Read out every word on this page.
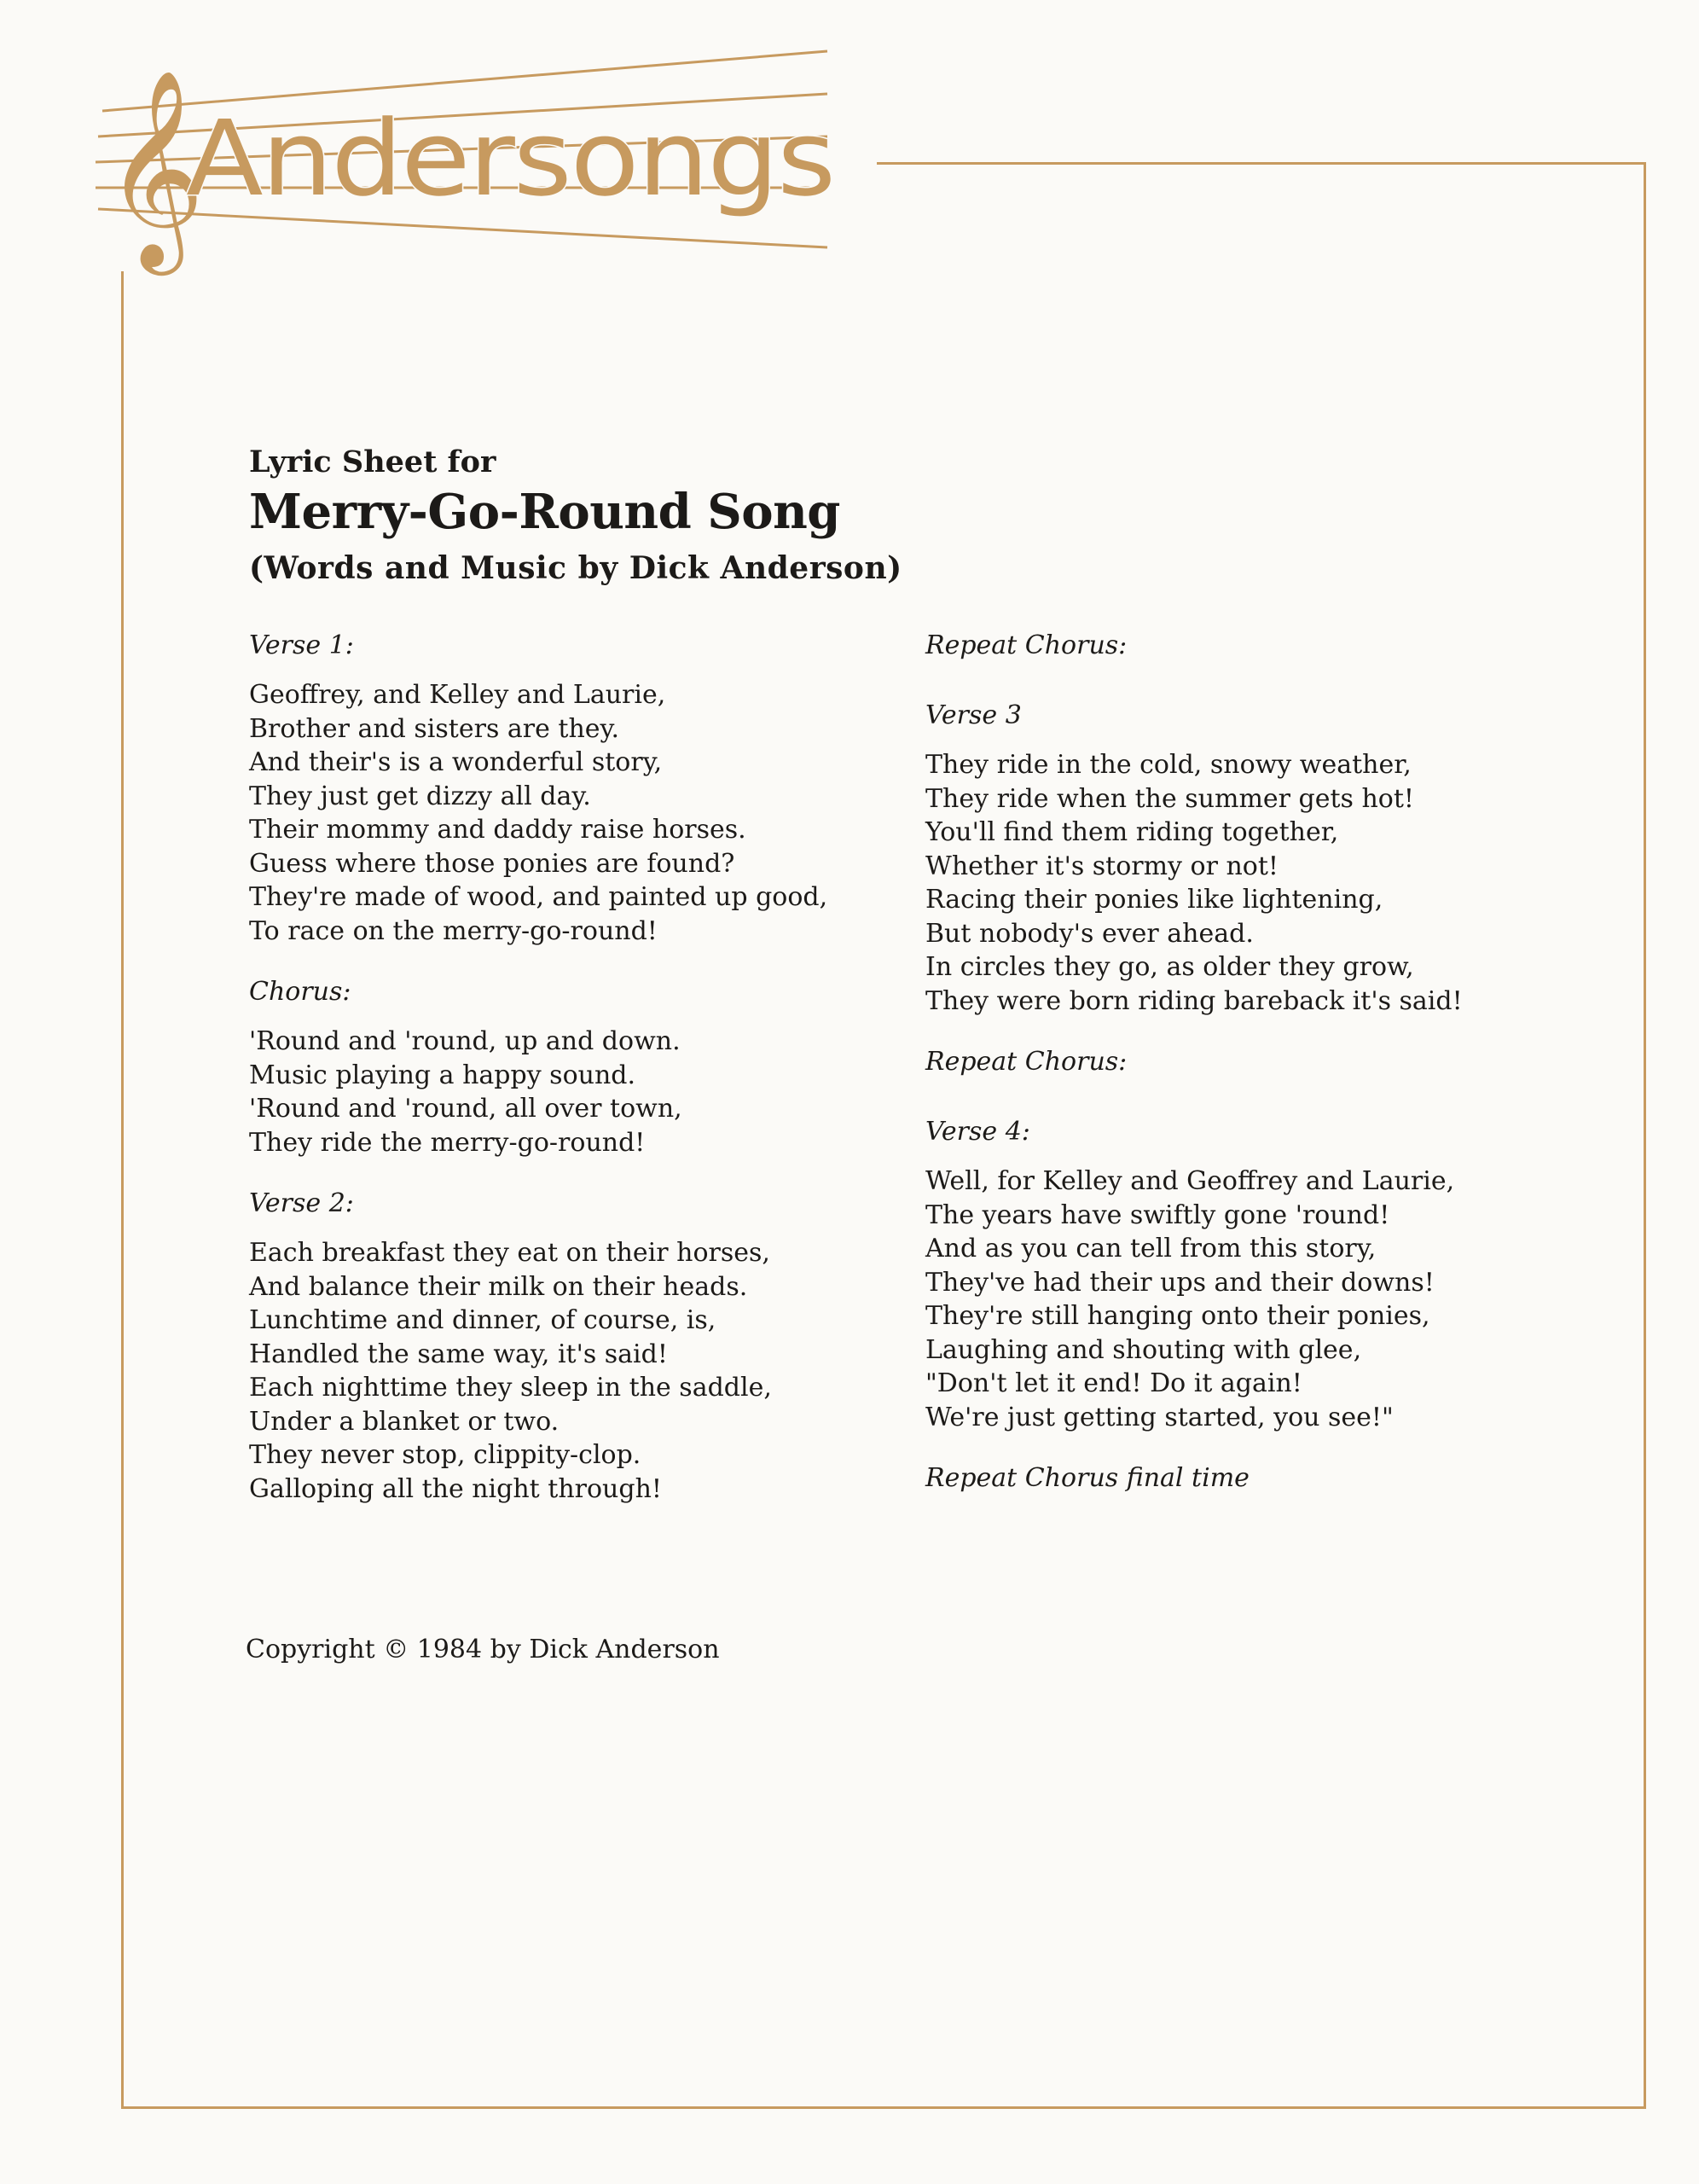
𝄞
Andersongs

Lyric Sheet for

Merry-Go-Round Song

(Words and Music by Dick Anderson)

Verse 1:

Geoffrey, and Kelley and Laurie,

Brother and sisters are they.

And their's is a wonderful story,

They just get dizzy all day.

Their mommy and daddy raise horses.

Guess where those ponies are found?

They're made of wood, and painted up good,

To race on the merry-go-round!

Chorus:

'Round and 'round, up and down.

Music playing a happy sound.

'Round and 'round, all over town,

They ride the merry-go-round!

Verse 2:

Each breakfast they eat on their horses,

And balance their milk on their heads.

Lunchtime and dinner, of course, is,

Handled the same way, it's said!

Each nighttime they sleep in the saddle,

Under a blanket or two.

They never stop, clippity-clop.

Galloping all the night through!

Repeat Chorus:

Verse 3

They ride in the cold, snowy weather,

They ride when the summer gets hot!

You'll find them riding together,

Whether it's stormy or not!

Racing their ponies like lightening,

But nobody's ever ahead.

In circles they go, as older they grow,

They were born riding bareback it's said!

Repeat Chorus:

Verse 4:

Well, for Kelley and Geoffrey and Laurie,

The years have swiftly gone 'round!

And as you can tell from this story,

They've had their ups and their downs!

They're still hanging onto their ponies,

Laughing and shouting with glee,

"Don't let it end! Do it again!

We're just getting started, you see!"

Repeat Chorus final time

Copyright © 1984 by Dick Anderson
